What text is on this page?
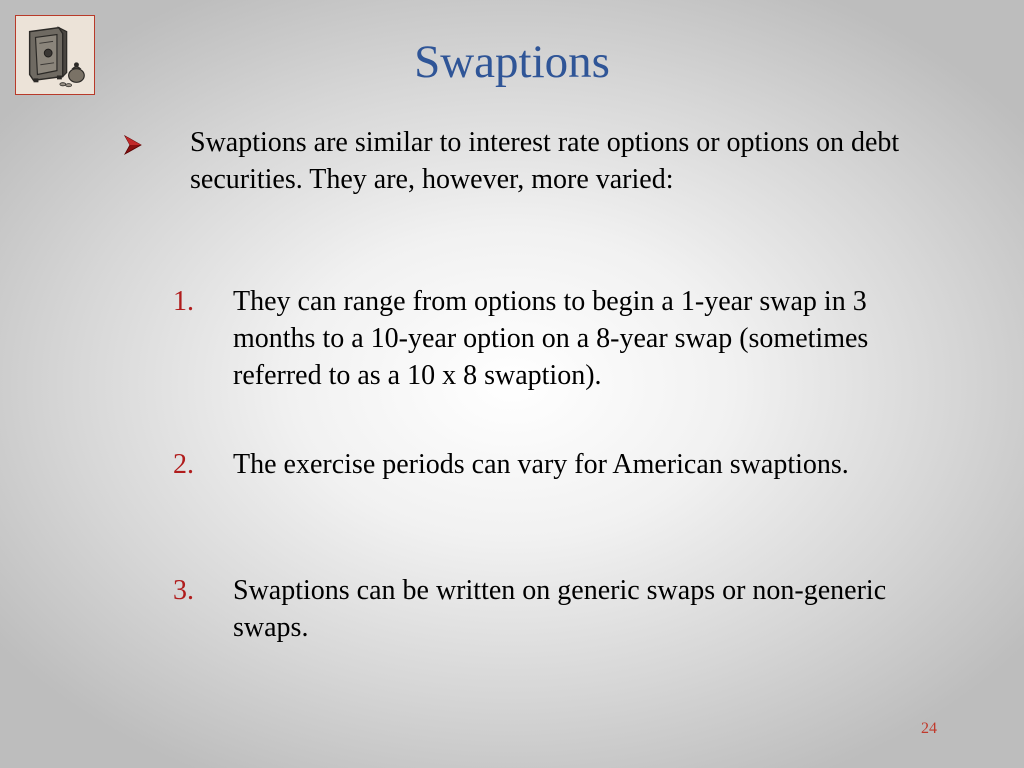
Swaptions
Swaptions are similar to interest rate options or options on debt securities. They are, however, more varied:
1. They can range from options to begin a 1-year swap in 3 months to a 10-year option on a 8-year swap (sometimes referred to as a 10 x 8 swaption).
2. The exercise periods can vary for American swaptions.
3. Swaptions can be written on generic swaps or non-generic swaps.
24
